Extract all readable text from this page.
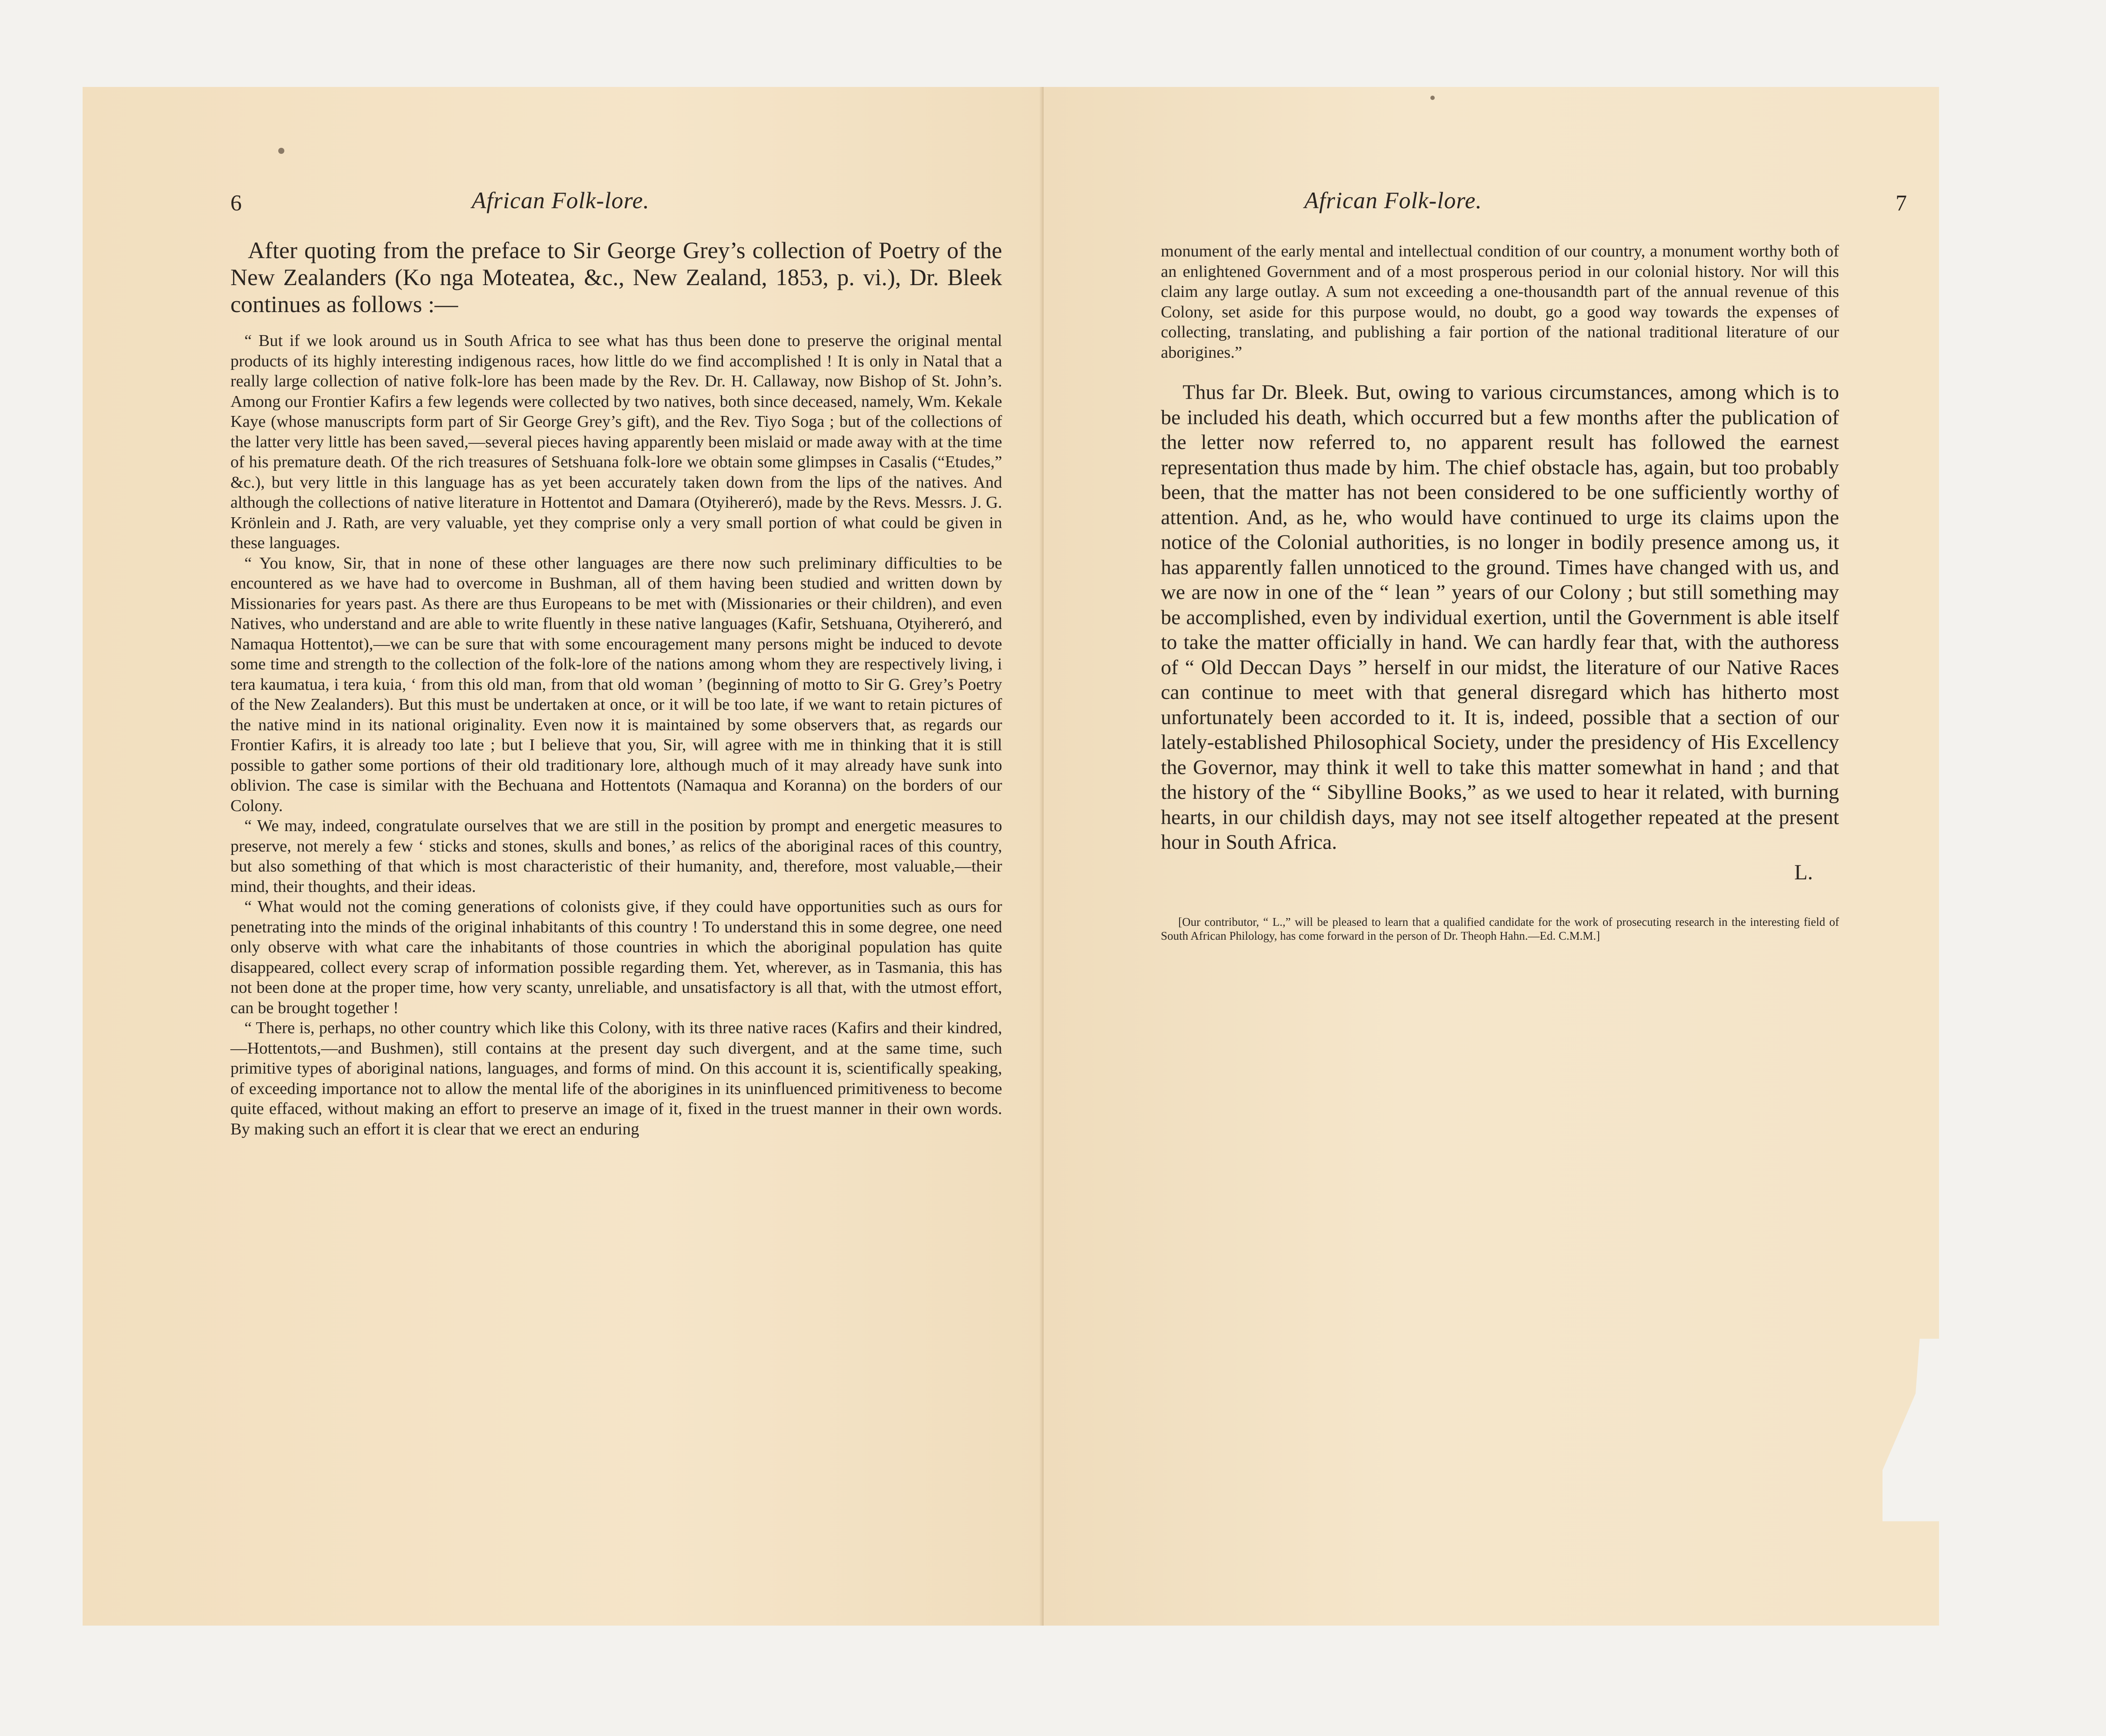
6	African Folk-lore.

After quoting from the preface to Sir George Grey’s collection of Poetry of the New Zealanders (Ko nga Moteatea, &c., New Zealand, 1853, p. vi.), Dr. Bleek continues as follows :—

“ But if we look around us in South Africa to see what has thus been done to preserve the original mental products of its highly interesting indigenous races, how little do we find accomplished ! It is only in Natal that a really large collection of native folk-lore has been made by the Rev. Dr. H. Callaway, now Bishop of St. John’s. Among our Frontier Kafirs a few legends were collected by two natives, both since deceased, namely, Wm. Kekale Kaye (whose manuscripts form part of Sir George Grey’s gift), and the Rev. Tiyo Soga ; but of the collections of the latter very little has been saved,—several pieces having apparently been mislaid or made away with at the time of his premature death. Of the rich treasures of Setshuana folk-lore we obtain some glimpses in Casalis (“Etudes,” &c.), but very little in this language has as yet been accurately taken down from the lips of the natives. And although the collections of native literature in Hottentot and Damara (Otyihereró), made by the Revs. Messrs. J. G. Krönlein and J. Rath, are very valuable, yet they comprise only a very small portion of what could be given in these languages.

“ You know, Sir, that in none of these other languages are there now such preliminary difficulties to be encountered as we have had to overcome in Bushman, all of them having been studied and written down by Missionaries for years past. As there are thus Europeans to be met with (Missionaries or their children), and even Natives, who understand and are able to write fluently in these native languages (Kafir, Setshuana, Otyihereró, and Namaqua Hottentot),—we can be sure that with some encouragement many persons might be induced to devote some time and strength to the collection of the folk-lore of the nations among whom they are respectively living, i tera kaumatua, i tera kuia, ‘ from this old man, from that old woman ’ (beginning of motto to Sir G. Grey’s Poetry of the New Zealanders). But this must be undertaken at once, or it will be too late, if we want to retain pictures of the native mind in its national originality. Even now it is maintained by some observers that, as regards our Frontier Kafirs, it is already too late ; but I believe that you, Sir, will agree with me in thinking that it is still possible to gather some portions of their old traditionary lore, although much of it may already have sunk into oblivion. The case is similar with the Bechuana and Hottentots (Namaqua and Koranna) on the borders of our Colony.

“ We may, indeed, congratulate ourselves that we are still in the position by prompt and energetic measures to preserve, not merely a few ‘ sticks and stones, skulls and bones,’ as relics of the aboriginal races of this country, but also something of that which is most characteristic of their humanity, and, therefore, most valuable,—their mind, their thoughts, and their ideas.

“ What would not the coming generations of colonists give, if they could have opportunities such as ours for penetrating into the minds of the original inhabitants of this country ! To understand this in some degree, one need only observe with what care the inhabitants of those countries in which the aboriginal population has quite disappeared, collect every scrap of information possible regarding them. Yet, wherever, as in Tasmania, this has not been done at the proper time, how very scanty, unreliable, and unsatisfactory is all that, with the utmost effort, can be brought together !

“ There is, perhaps, no other country which like this Colony, with its three native races (Kafirs and their kindred,—Hottentots,—and Bushmen), still contains at the present day such divergent, and at the same time, such primitive types of aboriginal nations, languages, and forms of mind. On this account it is, scientifically speaking, of exceeding importance not to allow the mental life of the aborigines in its uninfluenced primitiveness to become quite effaced, without making an effort to preserve an image of it, fixed in the truest manner in their own words. By making such an effort it is clear that we erect an enduring

African Folk-lore.	7

monument of the early mental and intellectual condition of our country, a monument worthy both of an enlightened Government and of a most prosperous period in our colonial history. Nor will this claim any large outlay. A sum not exceeding a one-thousandth part of the annual revenue of this Colony, set aside for this purpose would, no doubt, go a good way towards the expenses of collecting, translating, and publishing a fair portion of the national traditional literature of our aborigines.”

Thus far Dr. Bleek. But, owing to various circumstances, among which is to be included his death, which occurred but a few months after the publication of the letter now referred to, no apparent result has followed the earnest representation thus made by him. The chief obstacle has, again, but too probably been, that the matter has not been considered to be one sufficiently worthy of attention. And, as he, who would have continued to urge its claims upon the notice of the Colonial authorities, is no longer in bodily presence among us, it has apparently fallen unnoticed to the ground. Times have changed with us, and we are now in one of the “ lean ” years of our Colony ; but still something may be accomplished, even by individual exertion, until the Government is able itself to take the matter officially in hand. We can hardly fear that, with the authoress of “ Old Deccan Days ” herself in our midst, the literature of our Native Races can continue to meet with that general disregard which has hitherto most unfortunately been accorded to it. It is, indeed, possible that a section of our lately-established Philosophical Society, under the presidency of His Excellency the Governor, may think it well to take this matter somewhat in hand ; and that the history of the “ Sibylline Books,” as we used to hear it related, with burning hearts, in our childish days, may not see itself altogether repeated at the present hour in South Africa.

L.

[Our contributor, “ L.,” will be pleased to learn that a qualified candidate for the work of prosecuting research in the interesting field of South African Philology, has come forward in the person of Dr. Theoph Hahn.—Ed. C.M.M.]
